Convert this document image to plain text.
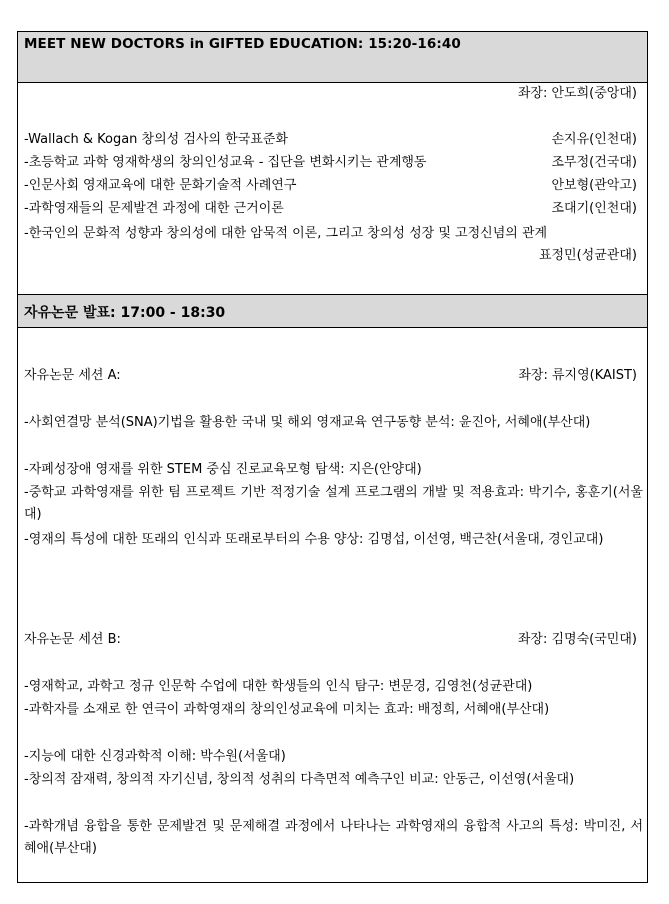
MEET NEW DOCTORS in GIFTED EDUCATION: 15:20-16:40
좌장: 안도희(중앙대)
-Wallach & Kogan 창의성 검사의 한국표준화	손지유(인천대)
-초등학교 과학 영재학생의 창의인성교육 - 집단을 변화시키는 관계행동	조무정(건국대)
-인문사회 영재교육에 대한 문화기술적 사례연구	안보형(관악고)
-과학영재들의 문제발견 과정에 대한 근거이론	조대기(인천대)
-한국인의 문화적 성향과 창의성에 대한 암묵적 이론, 그리고 창의성 성장 및 고정신념의 관계
표정민(성균관대)
자유논문 발표: 17:00 - 18:30
자유논문 세션 A:	좌장: 류지영(KAIST)
-사회연결망 분석(SNA)기법을 활용한 국내 및 해외 영재교육 연구동향 분석: 윤진아, 서혜애(부산대)
-자폐성장애 영재를 위한 STEM 중심 진로교육모형 탐색: 지은(안양대)
-중학교 과학영재를 위한 팀 프로젝트 기반 적정기술 설계 프로그램의 개발 및 적용효과: 박기수, 홍훈기(서울대)
-영재의 특성에 대한 또래의 인식과 또래로부터의 수용 양상: 김명섭, 이선영, 백근찬(서울대, 경인교대)
자유논문 세션 B:	좌장: 김명숙(국민대)
-영재학교, 과학고 정규 인문학 수업에 대한 학생들의 인식 탐구: 변문경, 김영천(성균관대)
-과학자를 소재로 한 연극이 과학영재의 창의인성교육에 미치는 효과: 배정희, 서혜애(부산대)
-지능에 대한 신경과학적 이해: 박수원(서울대)
-창의적 잠재력, 창의적 자기신념, 창의적 성취의 다측면적 예측구인 비교: 안동근, 이선영(서울대)
-과학개념 융합을 통한 문제발견 및 문제해결 과정에서 나타나는 과학영재의 융합적 사고의 특성: 박미진, 서혜애(부산대)
